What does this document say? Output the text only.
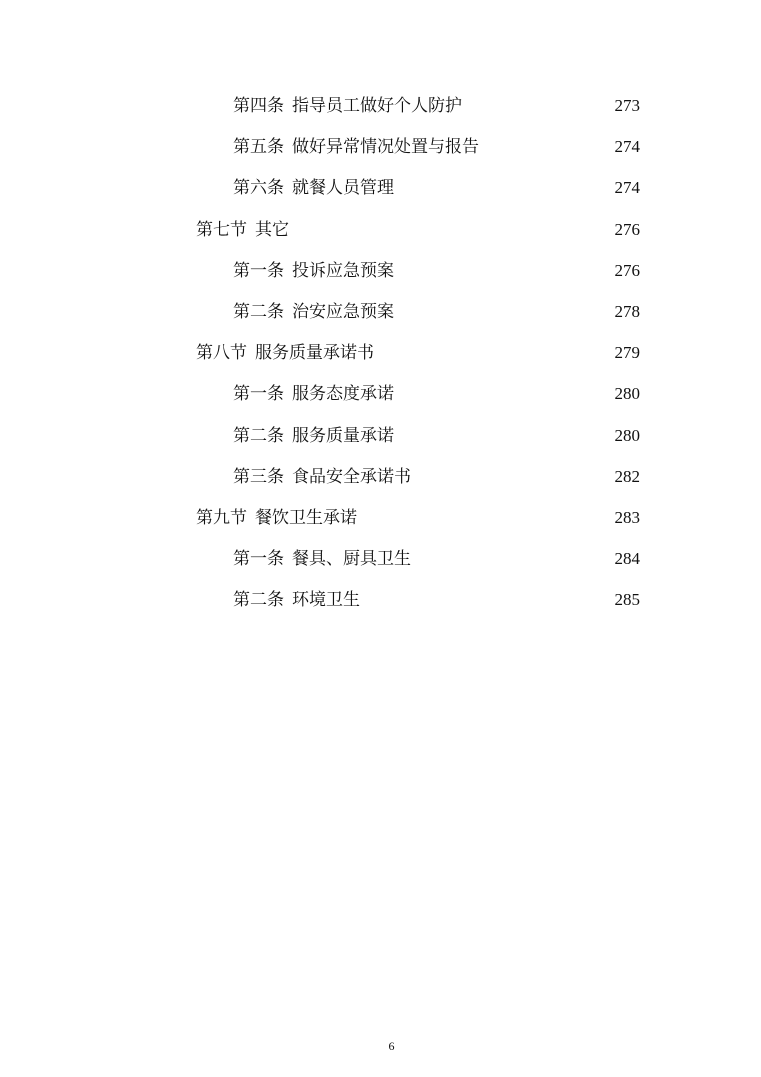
第四条 指导员工做好个人防护	273
第五条 做好异常情况处置与报告	274
第六条 就餐人员管理	274
第七节 其它	276
第一条 投诉应急预案	276
第二条 治安应急预案	278
第八节 服务质量承诺书	279
第一条 服务态度承诺	280
第二条 服务质量承诺	280
第三条 食品安全承诺书	282
第九节 餐饮卫生承诺	283
第一条 餐具、厨具卫生	284
第二条 环境卫生	285
6
